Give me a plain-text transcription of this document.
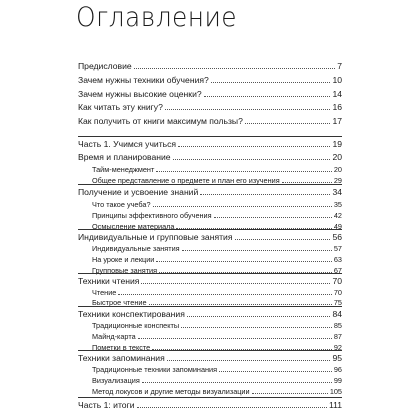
Оглавление
Предисловие	7
Зачем нужны техники обучения?	10
Зачем нужны высокие оценки?	14
Как читать эту книгу?	16
Как получить от книги максимум пользы?	17
Часть 1. Учимся учиться	19
Время и планирование	20
Тайм-менеджмент	20
Общее представление о предмете и план его изучения	29
Получение и усвоение знаний	34
Что такое учеба?	35
Принципы эффективного обучения	42
Осмысление материала	49
Индивидуальные и групповые занятия	56
Индивидуальные занятия	57
На уроке и лекции	63
Групповые занятия	67
Техники чтения	70
Чтение	70
Быстрое чтение	75
Техники конспектирования	84
Традиционные конспекты	85
Майнд-карта	87
Пометки в тексте	92
Техники запоминания	95
Традиционные техники запоминания	96
Визуализация	99
Метод локусов и другие методы визуализации	105
Часть 1: итоги	111
